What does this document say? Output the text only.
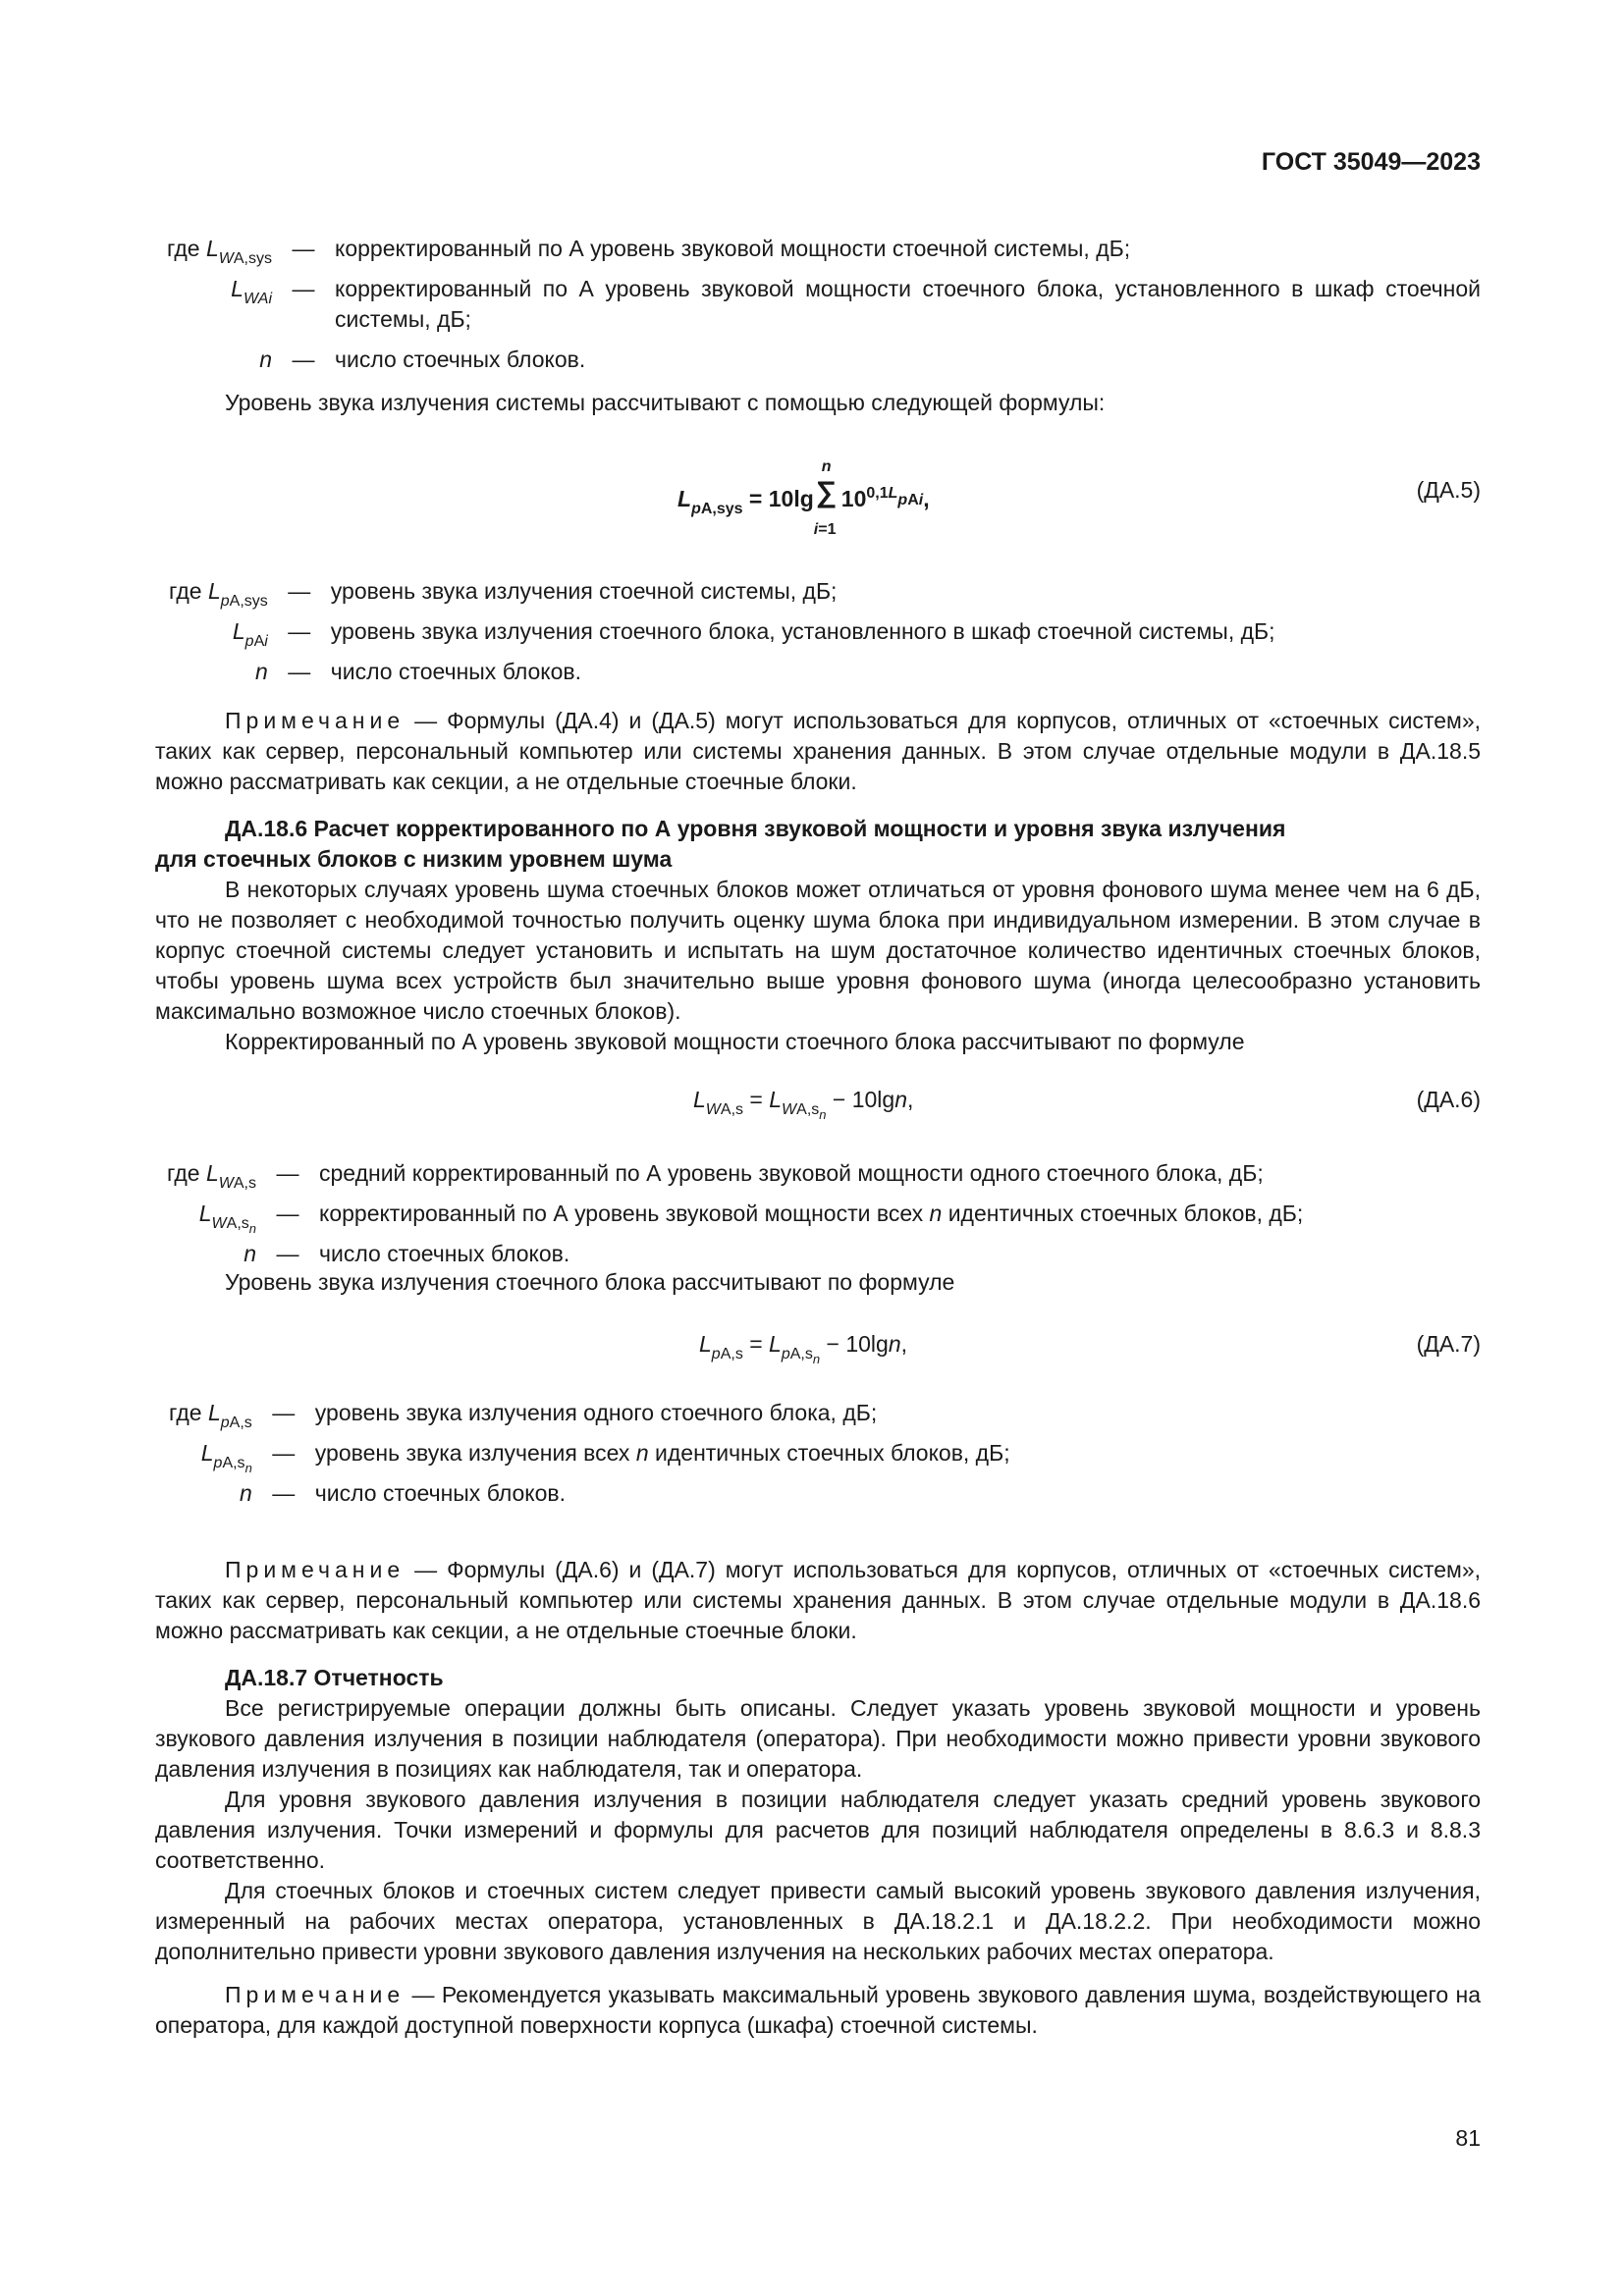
ГОСТ 35049—2023
где $L_{WA,sys}$	—	корректированный по А уровень звуковой мощности стоечной системы, дБ;
$L_{WAi}$	—	корректированный по А уровень звуковой мощности стоечного блока, установленного в шкаф стоечной системы, дБ;
n	—	число стоечных блоков.

Уровень звука излучения системы рассчитывают с помощью следующей формулы:

$L_{pA,sys} = 10\lg$
n
∑
i=1
$10^{0,1L_{pAi}}$,	(ДА.5)
где $L_{pA,sys}$	—	уровень звука излучения стоечной системы, дБ;
$L_{pAi}$	—	уровень звука излучения стоечного блока, установленного в шкаф стоечной системы, дБ;
n	—	число стоечных блоков.

Примечание — Формулы (ДА.4) и (ДА.5) могут использоваться для корпусов, отличных от «стоечных систем», таких как сервер, персональный компьютер или системы хранения данных. В этом случае отдельные модули в ДА.18.5 можно рассматривать как секции, а не отдельные стоечные блоки.

ДА.18.6 Расчет корректированного по А уровня звуковой мощности и уровня звука излучения

для стоечных блоков с низким уровнем шума

В некоторых случаях уровень шума стоечных блоков может отличаться от уровня фонового шума менее чем на 6 дБ, что не позволяет с необходимой точностью получить оценку шума блока при индивидуальном измерении. В этом случае в корпус стоечной системы следует установить и испытать на шум достаточное количество идентичных стоечных блоков, чтобы уровень шума всех устройств был значительно выше уровня фонового шума (иногда целесообразно установить максимально возможное число стоечных блоков).

Корректированный по А уровень звуковой мощности стоечного блока рассчитывают по формуле

$L_{WA,s} = L_{WA,s_n} - 10\lg n$,	(ДА.6)
где $L_{WA,s}$	—	средний корректированный по А уровень звуковой мощности одного стоечного блока, дБ;
$L_{WA,s_n}$	—	корректированный по А уровень звуковой мощности всех n идентичных стоечных блоков, дБ;
n	—	число стоечных блоков.

Уровень звука излучения стоечного блока рассчитывают по формуле

$L_{pA,s} = L_{pA,s_n} - 10\lg n$,	(ДА.7)
где $L_{pA,s}$	—	уровень звука излучения одного стоечного блока, дБ;
$L_{pA,s_n}$	—	уровень звука излучения всех n идентичных стоечных блоков, дБ;
n	—	число стоечных блоков.

Примечание — Формулы (ДА.6) и (ДА.7) могут использоваться для корпусов, отличных от «стоечных систем», таких как сервер, персональный компьютер или системы хранения данных. В этом случае отдельные модули в ДА.18.6 можно рассматривать как секции, а не отдельные стоечные блоки.

ДА.18.7 Отчетность

Все регистрируемые операции должны быть описаны. Следует указать уровень звуковой мощности и уровень звукового давления излучения в позиции наблюдателя (оператора). При необходимости можно привести уровни звукового давления излучения в позициях как наблюдателя, так и оператора.

Для уровня звукового давления излучения в позиции наблюдателя следует указать средний уровень звукового давления излучения. Точки измерений и формулы для расчетов для позиций наблюдателя определены в 8.6.3 и 8.8.3 соответственно.

Для стоечных блоков и стоечных систем следует привести самый высокий уровень звукового давления излучения, измеренный на рабочих местах оператора, установленных в ДА.18.2.1 и ДА.18.2.2. При необходимости можно дополнительно привести уровни звукового давления излучения на нескольких рабочих местах оператора.

Примечание — Рекомендуется указывать максимальный уровень звукового давления шума, воздействующего на оператора, для каждой доступной поверхности корпуса (шкафа) стоечной системы.

81
